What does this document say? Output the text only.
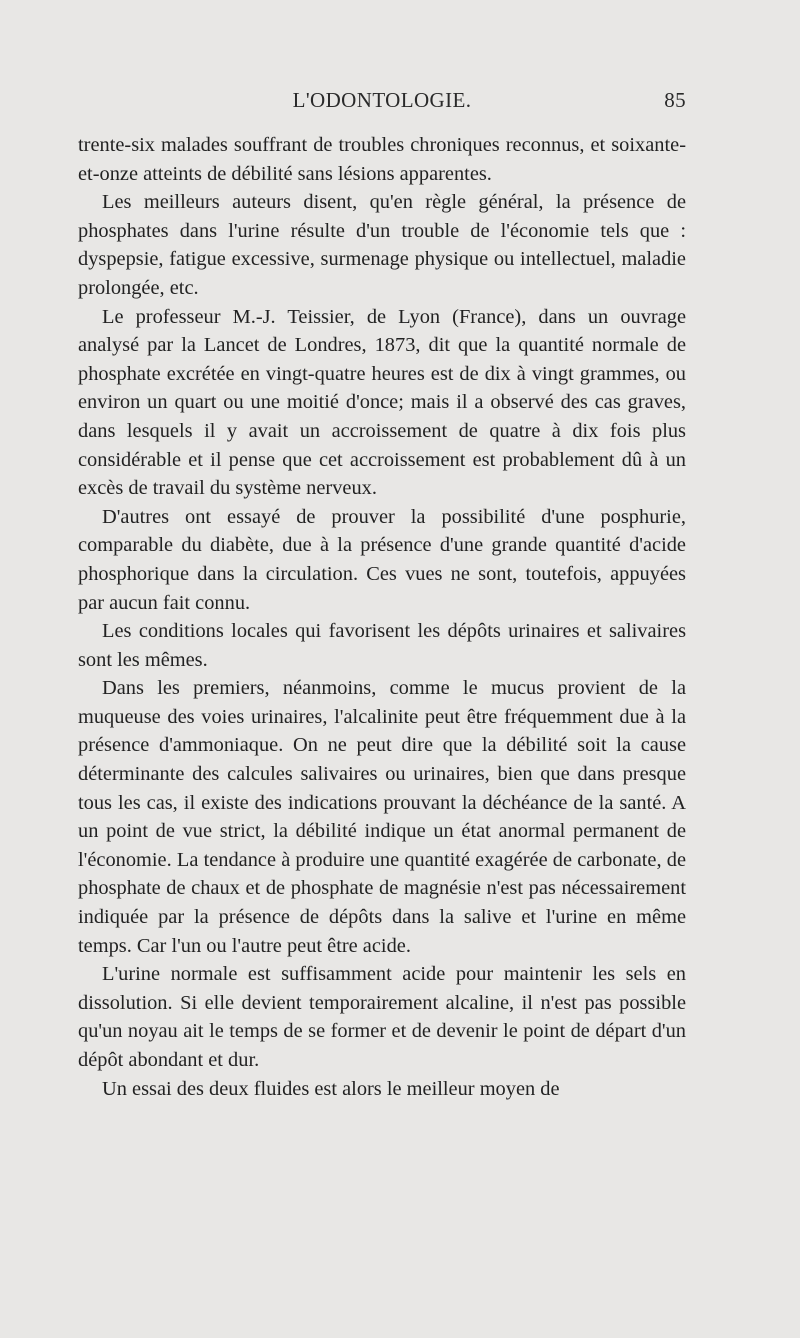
L'ODONTOLOGIE.	85

trente-six malades souffrant de troubles chroniques reconnus, et soixante-et-onze atteints de débilité sans lésions apparentes.

Les meilleurs auteurs disent, qu'en règle général, la présence de phosphates dans l'urine résulte d'un trouble de l'économie tels que : dyspepsie, fatigue excessive, surmenage physique ou intellectuel, maladie prolongée, etc.

Le professeur M.-J. Teissier, de Lyon (France), dans un ouvrage analysé par la Lancet de Londres, 1873, dit que la quantité normale de phosphate excrétée en vingt-quatre heures est de dix à vingt grammes, ou environ un quart ou une moitié d'once; mais il a observé des cas graves, dans lesquels il y avait un accroissement de quatre à dix fois plus considérable et il pense que cet accroissement est probablement dû à un excès de travail du système nerveux.

D'autres ont essayé de prouver la possibilité d'une posphurie, comparable du diabète, due à la présence d'une grande quantité d'acide phosphorique dans la circulation. Ces vues ne sont, toutefois, appuyées par aucun fait connu.

Les conditions locales qui favorisent les dépôts urinaires et salivaires sont les mêmes.

Dans les premiers, néanmoins, comme le mucus provient de la muqueuse des voies urinaires, l'alcalinite peut être fréquemment due à la présence d'ammoniaque. On ne peut dire que la débilité soit la cause déterminante des calcules salivaires ou urinaires, bien que dans presque tous les cas, il existe des indications prouvant la déchéance de la santé. A un point de vue strict, la débilité indique un état anormal permanent de l'économie. La tendance à produire une quantité exagérée de carbonate, de phosphate de chaux et de phosphate de magnésie n'est pas nécessairement indiquée par la présence de dépôts dans la salive et l'urine en même temps. Car l'un ou l'autre peut être acide.

L'urine normale est suffisamment acide pour maintenir les sels en dissolution. Si elle devient temporairement alcaline, il n'est pas possible qu'un noyau ait le temps de se former et de devenir le point de départ d'un dépôt abondant et dur.

Un essai des deux fluides est alors le meilleur moyen de
